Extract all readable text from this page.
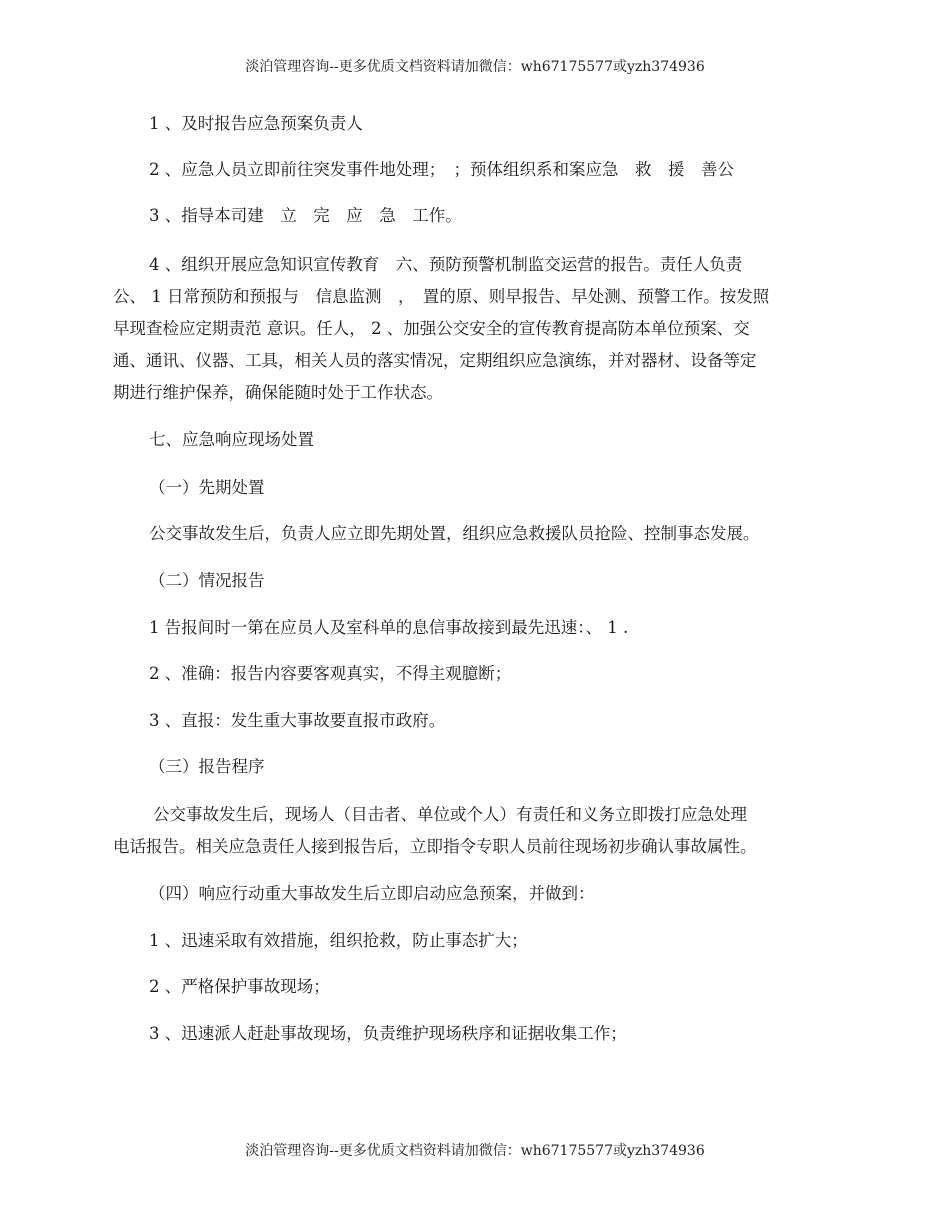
淡泊管理咨询--更多优质文档资料请加微信：wh67175577或yzh374936
1 、及时报告应急预案负责人
2 、应急人员立即前往突发事件地处理；　；预体组织系和案应急　救　援　善公
3 、指导本司建　立　完　应　急　工作。
4 、组织开展应急知识宣传教育　六、预防预警机制监交运营的报告。责任人负责
公、 1 日常预防和预报与　信息监测　，　置的原、则早报告、早处测、预警工作。按发照
早现查检应定期责范 意识。任人， 2 、加强公交安全的宣传教育提高防本单位预案、交
通、通讯、仪器、工具，相关人员的落实情况，定期组织应急演练，并对器材、设备等定
期进行维护保养，确保能随时处于工作状态。
七、应急响应现场处置
（一）先期处置
公交事故发生后，负责人应立即先期处置，组织应急救援队员抢险、控制事态发展。
（二）情况报告
1 告报间时一第在应员人及室科单的息信事故接到最先迅速：、 1 .
2 、准确：报告内容要客观真实，不得主观臆断；
3 、直报：发生重大事故要直报市政府。
（三）报告程序
公交事故发生后，现场人（目击者、单位或个人）有责任和义务立即拨打应急处理
电话报告。相关应急责任人接到报告后，立即指令专职人员前往现场初步确认事故属性。
（四）响应行动重大事故发生后立即启动应急预案，并做到：
1 、迅速采取有效措施，组织抢救，防止事态扩大；
2 、严格保护事故现场；
3 、迅速派人赶赴事故现场，负责维护现场秩序和证据收集工作；
淡泊管理咨询--更多优质文档资料请加微信：wh67175577或yzh374936
